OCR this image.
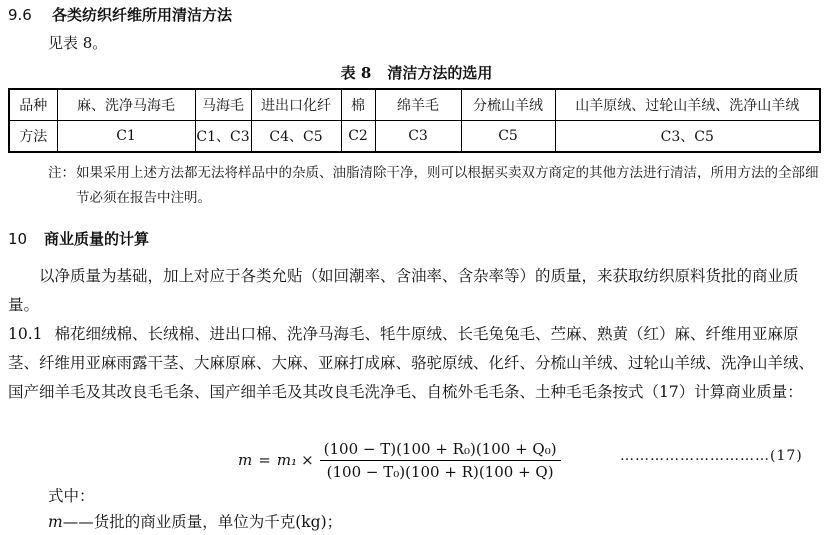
9.6 各类纺织纤维所用清洁方法
见表 8。
表 8 清洁方法的选用
品种	麻、洗净马海毛	马海毛	进出口化纤	棉	绵羊毛	分梳山羊绒	山羊原绒、过轮山羊绒、洗净山羊绒
方法	C1	C1、C3	C4、C5	C2	C3	C5	C3、C5
注： 如果采用上述方法都无法将样品中的杂质、油脂清除干净，则可以根据买卖双方商定的其他方法进行清洁，所用方法的全部细节必须在报告中注明。
10 商业质量的计算
以净质量为基础，加上对应于各类允贴（如回潮率、含油率、含杂率等）的质量，来获取纺织原料货批的商业质量。
10.1 棉花细绒棉、长绒棉、进出口棉、洗净马海毛、牦牛原绒、长毛兔兔毛、苎麻、熟黄（红）麻、纤维用亚麻原茎、纤维用亚麻雨露干茎、大麻原麻、大麻、亚麻打成麻、骆驼原绒、化纤、分梳山羊绒、过轮山羊绒、洗净山羊绒、国产细羊毛及其改良毛毛条、国产细羊毛及其改良毛洗净毛、自梳外毛毛条、土种毛毛条按式（17）计算商业质量：
$m = m_1 \times \frac{\text{(100 − T)(100 + R₀)(100 + Q₀)}}{\text{(100 − T₀)(100 + R)(100 + Q)}}$	…………………………(17)
式中：
m——货批的商业质量，单位为千克(kg)；
